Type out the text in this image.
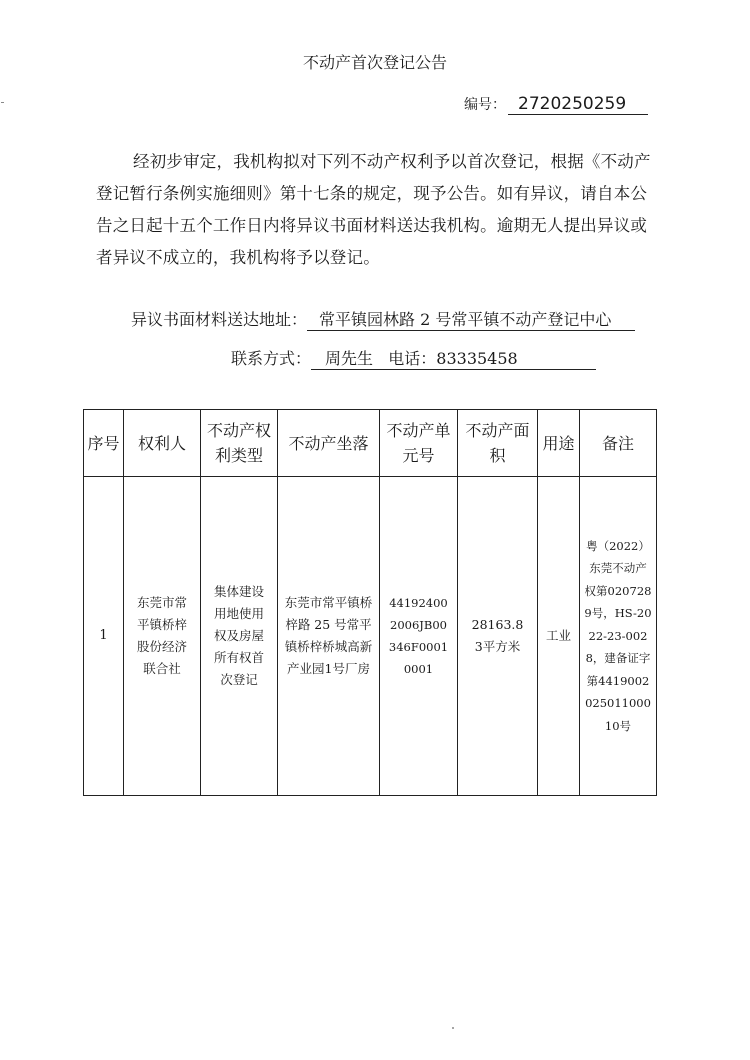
不动产首次登记公告
编号： 2720250259
经初步审定，我机构拟对下列不动产权利予以首次登记，根据《不动产
登记暂行条例实施细则》第十七条的规定，现予公告。如有异议，请自本公
告之日起十五个工作日内将异议书面材料送达我机构。逾期无人提出异议或
者异议不成立的，我机构将予以登记。
异议书面材料送达地址： 常平镇园林路 2 号常平镇不动产登记中心
联系方式： 周先生   电话：83335458
序号	权利人	不动产权利类型	不动产坐落	不动产单元号	不动产面积	用途	备注
1	东莞市常平镇桥梓股份经济联合社	集体建设用地使用权及房屋所有权首次登记	东莞市常平镇桥梓路 25 号常平镇桥梓桥城高新产业园1号厂房	441924002006JB00346F00010001	28163.83平方米	工业	粤（2022）东莞不动产权第0207289号，HS-2022-23-0028，建备证字第441900202501100010号
